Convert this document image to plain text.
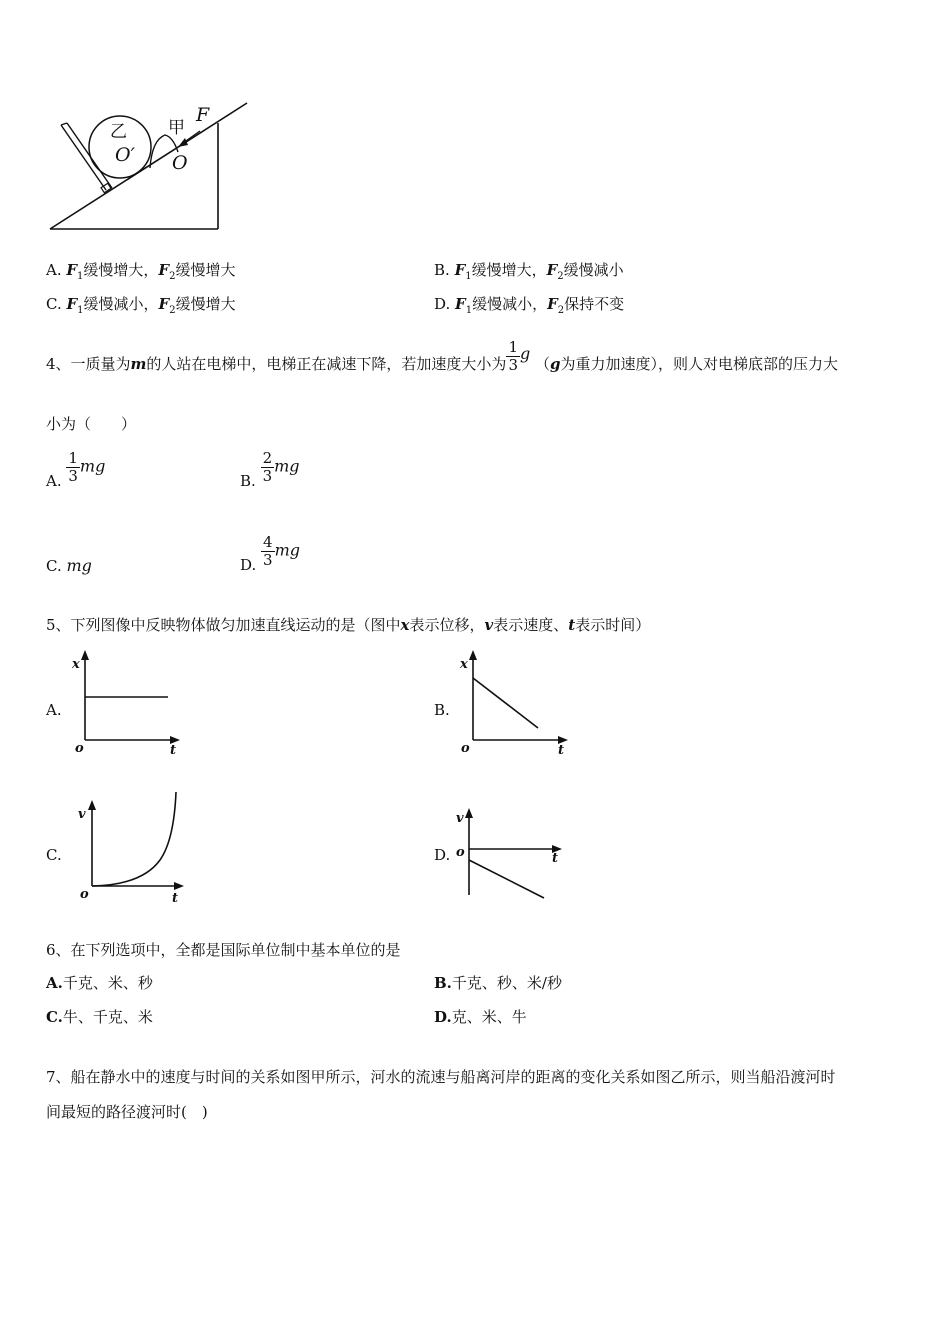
乙 甲
F
O
O′
A. $F_1$缓慢增大，$F_2$缓慢增大	B. $F_1$缓慢增大，$F_2$缓慢减小
C. $F_1$缓慢减小，$F_2$缓慢增大	D. $F_1$缓慢减小，$F_2$保持不变
4、一质量为m的人站在电梯中，电梯正在减速下降，若加速度大小为 $\frac{1}{3}$ g （g为重力加速度），则人对电梯底部的压力大
小为（　　）
A. $\frac{1}{3}$ mg
B. $\frac{2}{3}$ mg
C. mg	D. $\frac{4}{3}$ mg
5、下列图像中反映物体做匀加速直线运动的是（图中x表示位移，v表示速度、t表示时间）
A.
x
o	t
B.
x
o	t
C.
v
o	t
D.
v
o	t
6、在下列选项中，全都是国际单位制中基本单位的是
A.千克、米、秒	B.千克、秒、米/秒
C.牛、千克、米	D.克、米、牛
7、船在静水中的速度与时间的关系如图甲所示，河水的流速与船离河岸的距离的变化关系如图乙所示，则当船沿渡河时
间最短的路径渡河时(　)
